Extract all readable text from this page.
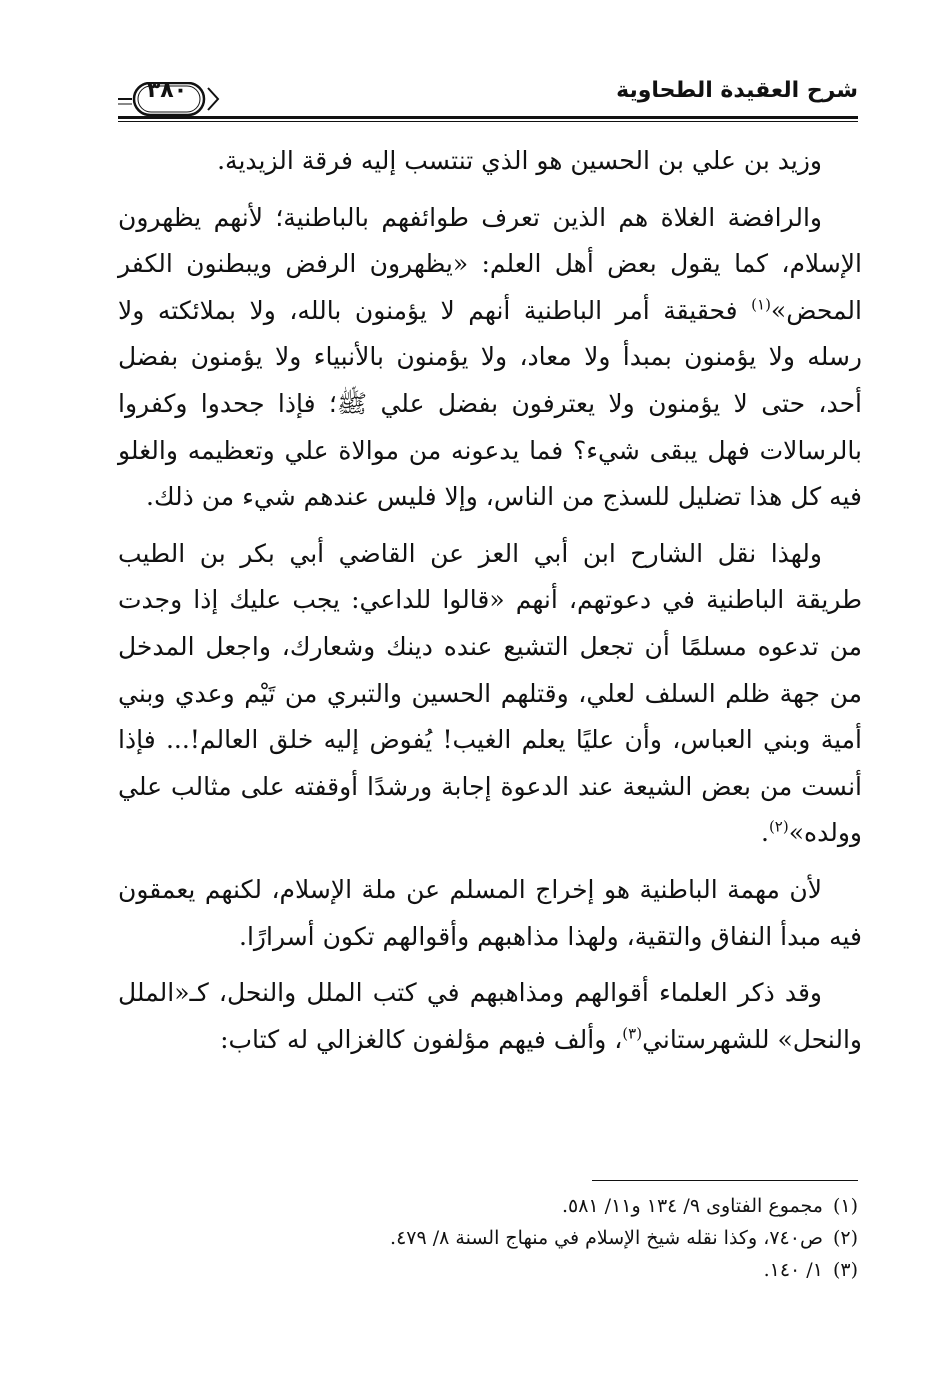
شرح العقيدة الطحاوية
٣٨٠

وزيد بن علي بن الحسين هو الذي تنتسب إليه فرقة الزيدية.

والرافضة الغلاة هم الذين تعرف طوائفهم بالباطنية؛ لأنهم يظهرون الإسلام، كما يقول بعض أهل العلم: «يظهرون الرفض ويبطنون الكفر المحض»$^{(١)}$ فحقيقة أمر الباطنية أنهم لا يؤمنون بالله، ولا بملائكته ولا رسله ولا يؤمنون بمبدأ ولا معاد، ولا يؤمنون بالأنبياء ولا يؤمنون بفضل أحد، حتى لا يؤمنون ولا يعترفون بفضل علي ﷺ؛ فإذا جحدوا وكفروا بالرسالات فهل يبقى شيء؟ فما يدعونه من موالاة علي وتعظيمه والغلو فيه كل هذا تضليل للسذج من الناس، وإلا فليس عندهم شيء من ذلك.

ولهذا نقل الشارح ابن أبي العز عن القاضي أبي بكر بن الطيب طريقة الباطنية في دعوتهم، أنهم «قالوا للداعي: يجب عليك إذا وجدت من تدعوه مسلمًا أن تجعل التشيع عنده دينك وشعارك، واجعل المدخل من جهة ظلم السلف لعلي، وقتلهم الحسين والتبري من تَيْم وعدي وبني أمية وبني العباس، وأن عليًا يعلم الغيب! يُفوض إليه خلق العالم!... فإذا أنست من بعض الشيعة عند الدعوة إجابة ورشدًا أوقفته على مثالب علي وولده»$^{(٢)}$.

لأن مهمة الباطنية هو إخراج المسلم عن ملة الإسلام، لكنهم يعمقون فيه مبدأ النفاق والتقية، ولهذا مذاهبهم وأقوالهم تكون أسرارًا.

وقد ذكر العلماء أقوالهم ومذاهبهم في كتب الملل والنحل، كـ«الملل والنحل» للشهرستاني$^{(٣)}$، وألف فيهم مؤلفون كالغزالي له كتاب:

(١)مجموع الفتاوى ٩/ ١٣٤ و١١/ ٥٨١.

(٢)ص٧٤٠، وكذا نقله شيخ الإسلام في منهاج السنة ٨/ ٤٧٩.

(٣)١/ ١٤٠.
